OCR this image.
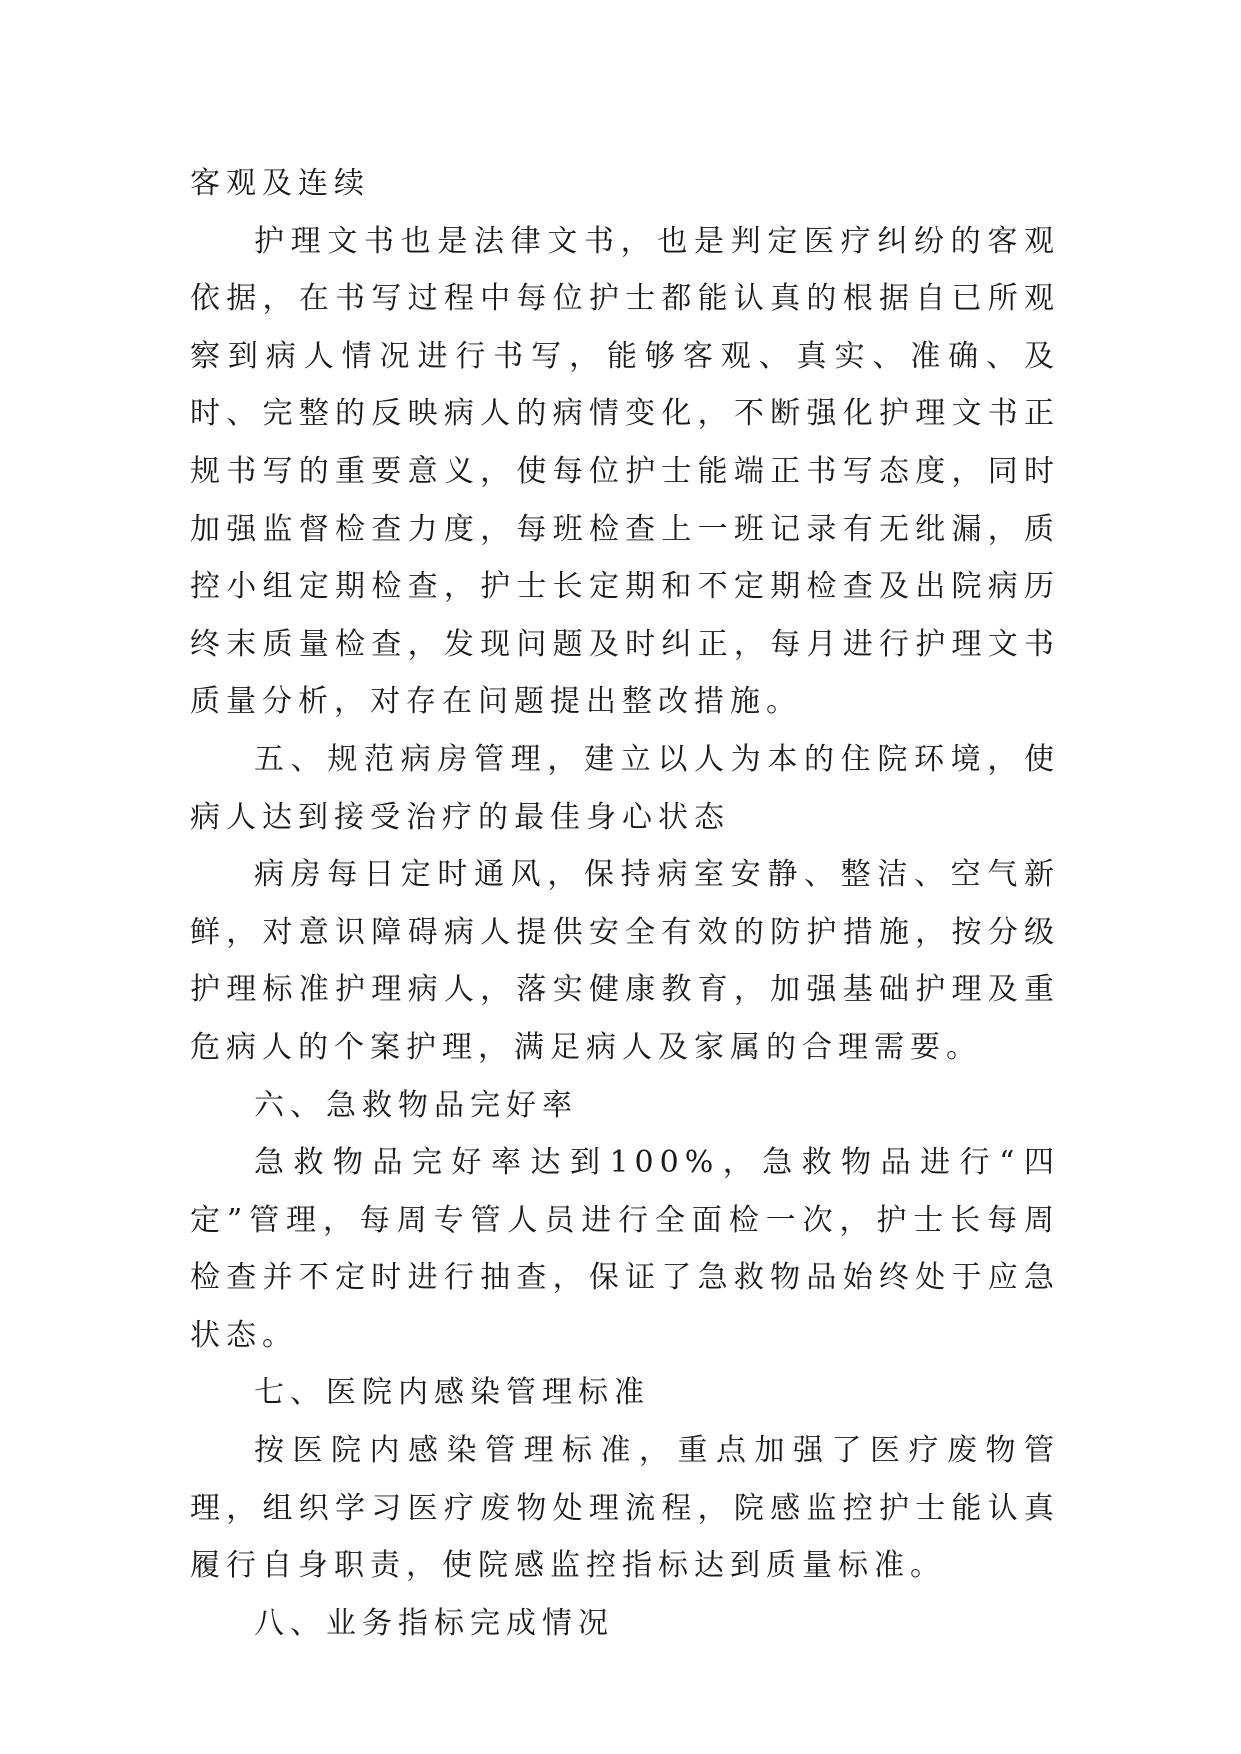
客观及连续

护理文书也是法律文书，也是判定医疗纠纷的客观依据，在书写过程中每位护士都能认真的根据自已所观察到病人情况进行书写，能够客观、真实、准确、及时、完整的反映病人的病情变化，不断强化护理文书正规书写的重要意义，使每位护士能端正书写态度，同时加强监督检查力度，每班检查上一班记录有无纰漏，质控小组定期检查，护士长定期和不定期检查及出院病历终末质量检查，发现问题及时纠正，每月进行护理文书质量分析，对存在问题提出整改措施。

五、规范病房管理，建立以人为本的住院环境，使病人达到接受治疗的最佳身心状态

病房每日定时通风，保持病室安静、整洁、空气新鲜，对意识障碍病人提供安全有效的防护措施，按分级护理标准护理病人，落实健康教育，加强基础护理及重危病人的个案护理，满足病人及家属的合理需要。

六、急救物品完好率

急救物品完好率达到100%，急救物品进行“四定”管理，每周专管人员进行全面检一次，护士长每周检查并不定时进行抽查，保证了急救物品始终处于应急状态。

七、医院内感染管理标准

按医院内感染管理标准，重点加强了医疗废物管理，组织学习医疗废物处理流程，院感监控护士能认真履行自身职责，使院感监控指标达到质量标准。

八、业务指标完成情况
